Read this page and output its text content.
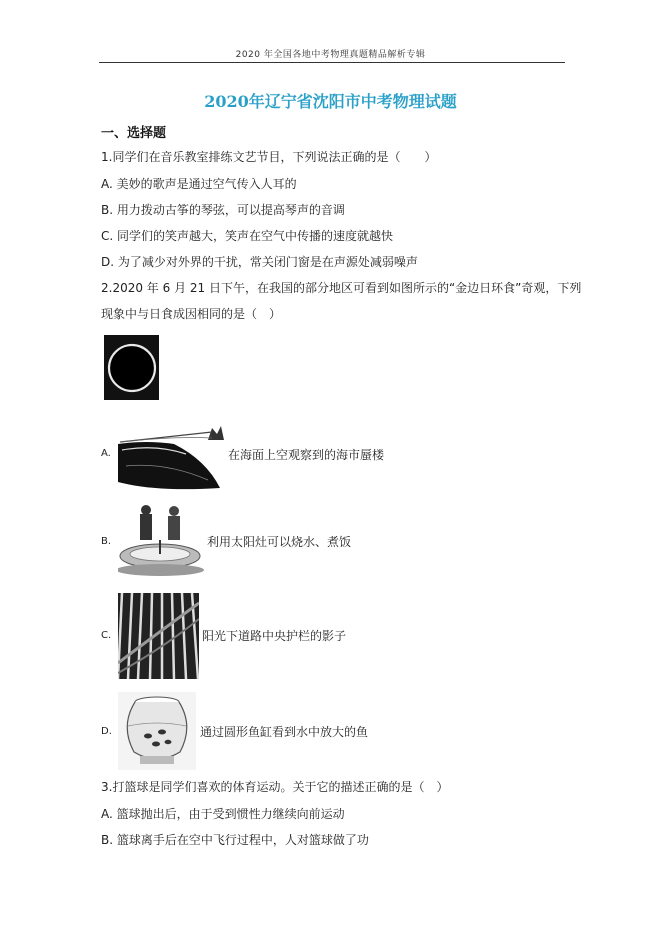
2020 年全国各地中考物理真题精品解析专辑
2020年辽宁省沈阳市中考物理试题
一、选择题
1.同学们在音乐教室排练文艺节目，下列说法正确的是（　　）
A. 美妙的歌声是通过空气传入人耳的
B. 用力拨动古筝的琴弦，可以提高琴声的音调
C. 同学们的笑声越大，笑声在空气中传播的速度就越快
D. 为了减少对外界的干扰，常关闭门窗是在声源处减弱噪声
2.2020 年 6 月 21 日下午，在我国的部分地区可看到如图所示的“金边日环食”奇观，下列
现象中与日食成因相同的是（　）
A.	在海面上空观察到的海市蜃楼
B.	利用太阳灶可以烧水、煮饭
C.	阳光下道路中央护栏的影子
D.	通过圆形鱼缸看到水中放大的鱼
3.打篮球是同学们喜欢的体育运动。关于它的描述正确的是（　）
A. 篮球抛出后，由于受到惯性力继续向前运动
B. 篮球离手后在空中飞行过程中，人对篮球做了功
